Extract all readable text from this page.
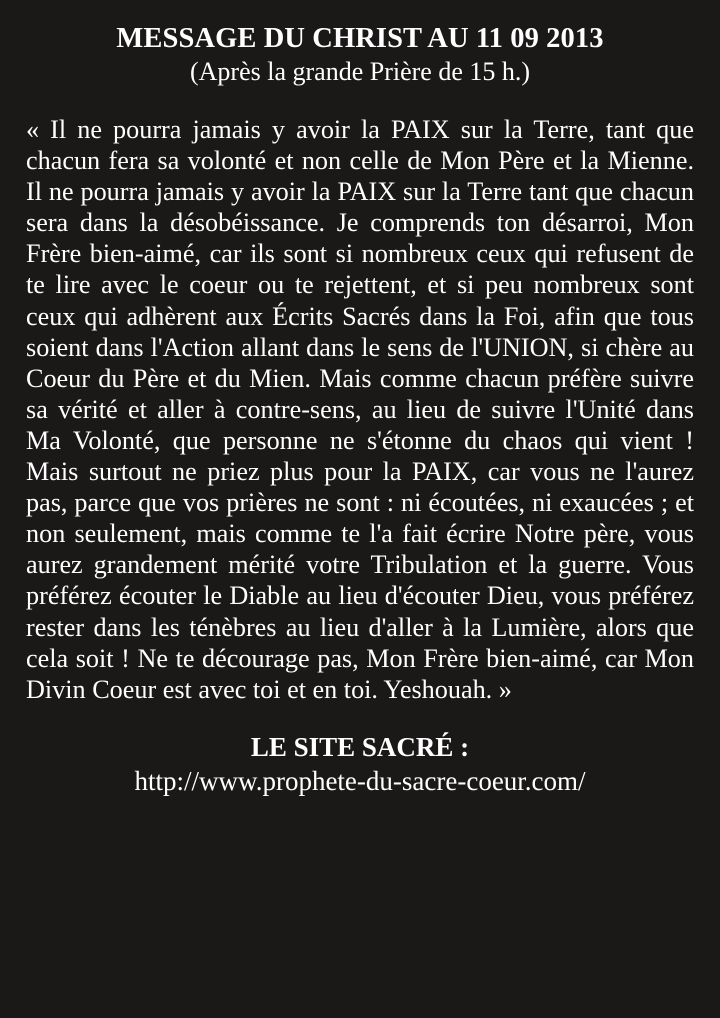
MESSAGE DU CHRIST AU 11 09 2013

(Après la grande Prière de 15 h.)

« Il ne pourra jamais y avoir la PAIX sur la Terre, tant que chacun fera sa volonté et non celle de Mon Père et la Mienne. Il ne pourra jamais y avoir la PAIX sur la Terre tant que chacun sera dans la désobéissance. Je comprends ton désarroi, Mon Frère bien-aimé, car ils sont si nombreux ceux qui refusent de te lire avec le coeur ou te rejettent, et si peu nombreux sont ceux qui adhèrent aux Écrits Sacrés dans la Foi, afin que tous soient dans l'Action allant dans le sens de l'UNION, si chère au Coeur du Père et du Mien. Mais comme chacun préfère suivre sa vérité et aller à contre-sens, au lieu de suivre l'Unité dans Ma Volonté, que personne ne s'étonne du chaos qui vient ! Mais surtout ne priez plus pour la PAIX, car vous ne l'aurez pas, parce que vos prières ne sont : ni écoutées, ni exaucées ; et non seulement, mais comme te l'a fait écrire Notre père, vous aurez grandement mérité votre Tribulation et la guerre. Vous préférez écouter le Diable au lieu d'écouter Dieu, vous préférez rester dans les ténèbres au lieu d'aller à la Lumière, alors que cela soit ! Ne te décourage pas, Mon Frère bien-aimé, car Mon Divin Coeur est avec toi et en toi. Yeshouah. »

LE SITE SACRÉ :
http://www.prophete-du-sacre-coeur.com/
